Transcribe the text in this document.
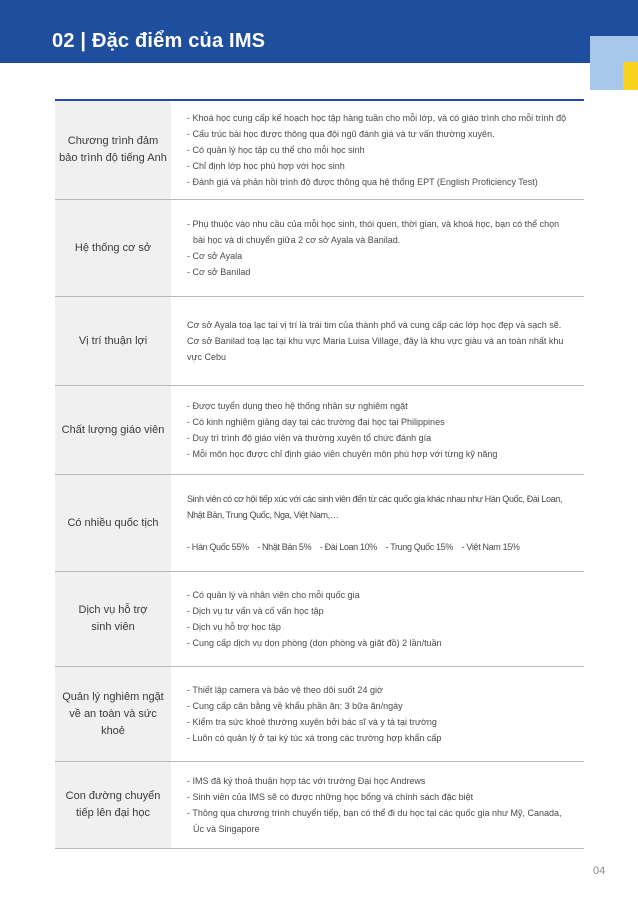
02 | Đặc điểm của IMS
Chương trình đảm
bảo trình độ tiếng Anh
- Khoá học cung cấp kế hoạch học tập hàng tuần cho mỗi lớp, và có giáo trình cho mỗi trình độ
- Cấu trúc bài học được thông qua đội ngũ đánh giá và tư vấn thường xuyên.
- Có quản lý học tập cụ thể cho mỗi học sinh
- Chỉ định lớp học phù hợp với học sinh
- Đánh giá và phản hồi trình độ được thông qua hệ thống EPT (English Proficiency Test)
Hệ thống cơ sở
- Phụ thuộc vào nhu cầu của mỗi học sinh, thói quen, thời gian, và khoá học, bạn có thể chọn
bài học và di chuyển giữa 2 cơ sở Ayala và Banilad.
- Cơ sở Ayala
- Cơ sở Banilad
Vị trí thuận lợi
Cơ sở Ayala toạ lạc tại vị trí là trái tim của thành phố và cung cấp các lớp học đẹp và sạch sẽ.
Cơ sở Banilad toạ lạc tại khu vực Maria Luisa Village, đây là khu vực giàu và an toàn nhất khu
vực Cebu
Chất lượng giáo viên
- Được tuyển dụng theo hệ thống nhân sự nghiêm ngặt
- Có kinh nghiệm giảng dạy tại các trường đại học tại Philippines
- Duy trì trình độ giáo viên và thường xuyên tổ chức đánh gía
- Mỗi môn học được chỉ định giáo viên chuyên môn phù hợp với từng kỹ năng
Có nhiều quốc tịch
Sinh viên có cơ hội tiếp xúc với các sinh viên đến từ các quốc gia khác nhau như Hàn Quốc, Đài Loan,
Nhật Bản, Trung Quốc, Nga, Việt Nam,…
- Hàn Quốc 55%    - Nhật Bản 5%    - Đài Loan 10%    - Trung Quốc 15%    - Việt Nam 15%
Dịch vụ hỗ trợ
sinh viên
- Có quản lý và nhân viên cho mỗi quốc gia
- Dịch vụ tư vấn và cố vấn học tập
- Dịch vụ hỗ trợ học tập
- Cung cấp dịch vụ dọn phòng (dọn phòng và giặt đồ) 2 lần/tuần
Quản lý nghiêm ngặt
về an toàn và sức khoẻ
- Thiết lập camera và bảo vệ theo dõi suốt 24 giờ
- Cung cấp cân bằng về khẩu phần ăn: 3 bữa ăn/ngày
- Kiểm tra sức khoẻ thường xuyên bởi bác sĩ và y tá tại trường
- Luôn có quản lý ở tại ký túc xá trong các trường hợp khẩn cấp
Con đường chuyển
tiếp lên đại học
- IMS đã ký thoả thuận hợp tác với trường Đại học Andrews
- Sinh viên của IMS sẽ có được những học bổng và chính sách đặc biệt
- Thông qua chương trình chuyển tiếp, bạn có thể đi du học tại các quốc gia như Mỹ, Canada,
Úc và Singapore
04
